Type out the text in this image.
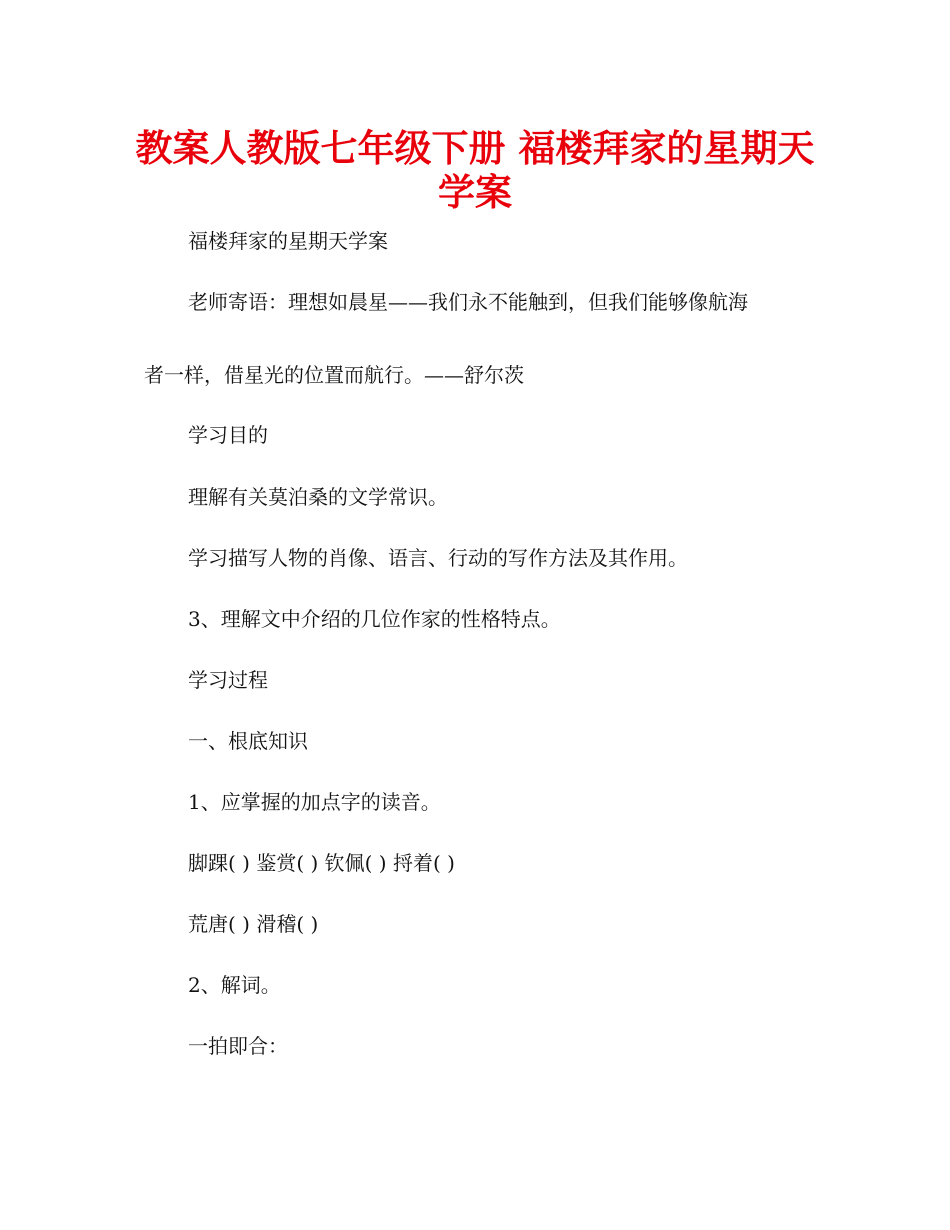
教案人教版七年级下册 福楼拜家的星期天
学案

福楼拜家的星期天学案

老师寄语：理想如晨星——我们永不能触到，但我们能够像航海

者一样，借星光的位置而航行。——舒尔茨

学习目的

理解有关莫泊桑的文学常识。

学习描写人物的肖像、语言、行动的写作方法及其作用。

3、理解文中介绍的几位作家的性格特点。

学习过程

一、根底知识

1、应掌握的加点字的读音。

脚踝( ) 鉴赏( ) 钦佩( ) 捋着( )

荒唐( ) 滑稽( )

2、解词。

一拍即合：
